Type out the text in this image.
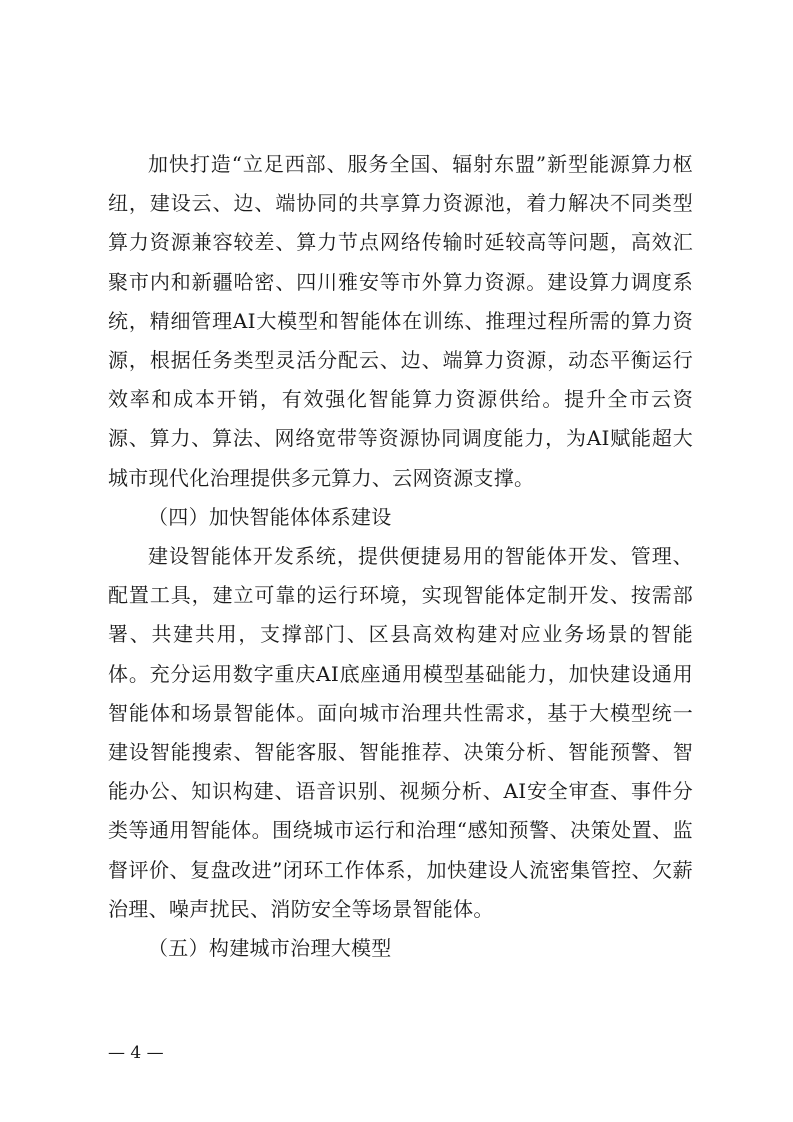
加快打造“立足西部、服务全国、辐射东盟”新型能源算力枢纽，建设云、边、端协同的共享算力资源池，着力解决不同类型算力资源兼容较差、算力节点网络传输时延较高等问题，高效汇聚市内和新疆哈密、四川雅安等市外算力资源。建设算力调度系统，精细管理AI大模型和智能体在训练、推理过程所需的算力资源，根据任务类型灵活分配云、边、端算力资源，动态平衡运行效率和成本开销，有效强化智能算力资源供给。提升全市云资源、算力、算法、网络宽带等资源协同调度能力，为AI赋能超大城市现代化治理提供多元算力、云网资源支撑。

（四）加快智能体体系建设

建设智能体开发系统，提供便捷易用的智能体开发、管理、配置工具，建立可靠的运行环境，实现智能体定制开发、按需部署、共建共用，支撑部门、区县高效构建对应业务场景的智能体。充分运用数字重庆AI底座通用模型基础能力，加快建设通用智能体和场景智能体。面向城市治理共性需求，基于大模型统一建设智能搜索、智能客服、智能推荐、决策分析、智能预警、智能办公、知识构建、语音识别、视频分析、AI安全审查、事件分类等通用智能体。围绕城市运行和治理“感知预警、决策处置、监督评价、复盘改进”闭环工作体系，加快建设人流密集管控、欠薪治理、噪声扰民、消防安全等场景智能体。

（五）构建城市治理大模型

— 4 —
